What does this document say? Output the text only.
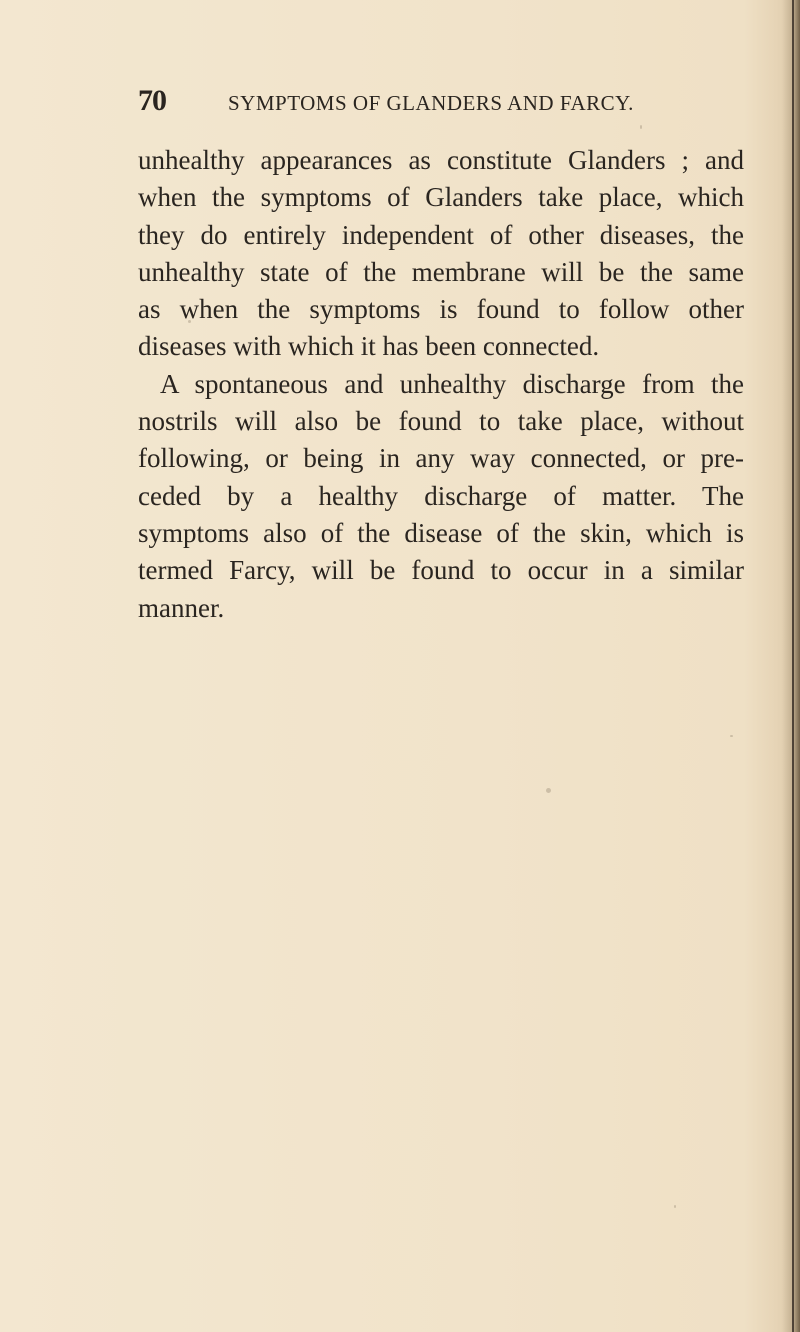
70	SYMPTOMS OF GLANDERS AND FARCY.
unhealthy appearances as constitute Glanders ; and
when the symptoms of Glanders take place, which
they do entirely independent of other diseases, the
unhealthy state of the membrane will be the same
as when the symptoms is found to follow other
diseases with which it has been connected.
A spontaneous and unhealthy discharge from the
nostrils will also be found to take place, without
following, or being in any way connected, or pre-
ceded by a healthy discharge of matter. The
symptoms also of the disease of the skin, which is
termed Farcy, will be found to occur in a similar
manner.
